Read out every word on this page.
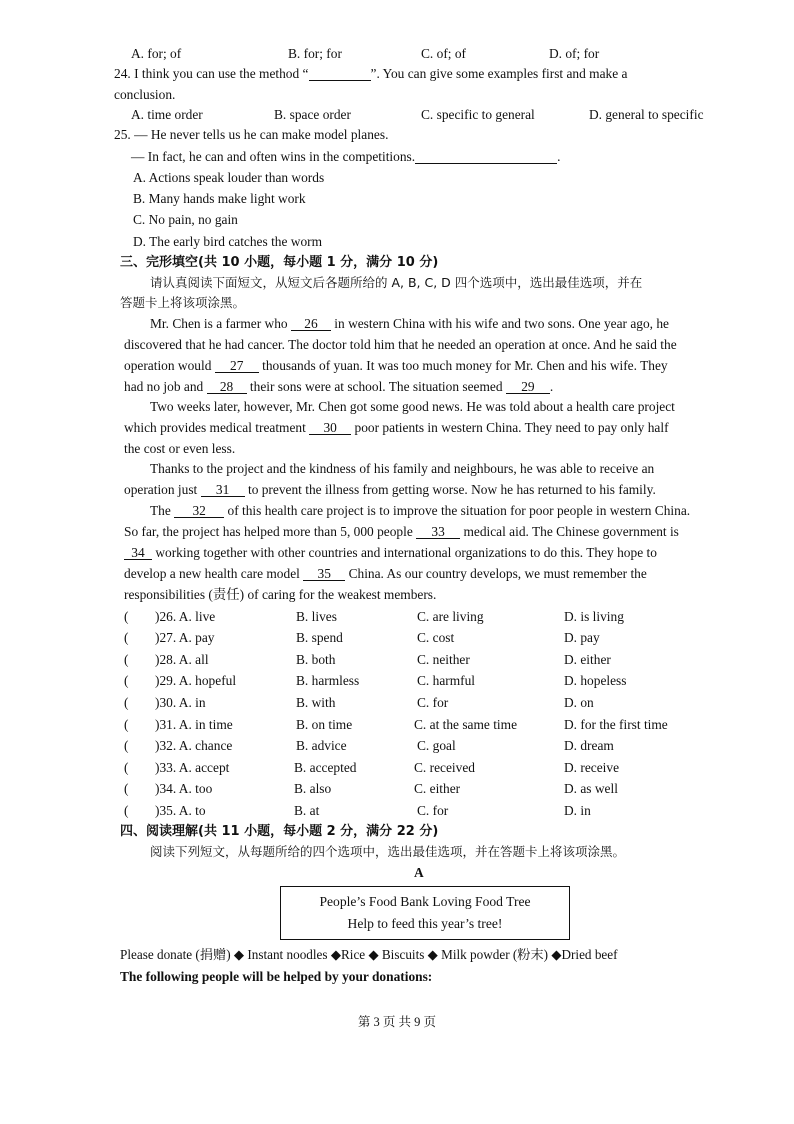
A. for; of	B. for; for	C. of; of	D. of; for
24. I think you can use the method “	”. You can give some examples first and make a
conclusion.
A. time order	B. space order	C. specific to general	D. general to specific
25. — He never tells us he can make model planes.
— In fact, he can and often wins in the competitions.	.
A. Actions speak louder than words
B. Many hands make light work
C. No pain, no gain
D. The early bird catches the worm
三、完形填空(共 10 小题，每小题 1 分，满分 10 分)
请认真阅读下面短文，从短文后各题所给的 A, B, C, D 四个选项中，选出最佳选项，并在
答题卡上将该项涂黑。
Mr. Chen is a farmer who 26 in western China with his wife and two sons. One year ago, he
discovered that he had cancer. The doctor told him that he needed an operation at once. And he said the
operation would 27 thousands of yuan. It was too much money for Mr. Chen and his wife. They
had no job and 28 their sons were at school. The situation seemed 29 .
Two weeks later, however, Mr. Chen got some good news. He was told about a health care project
which provides medical treatment 30 poor patients in western China. They need to pay only half
the cost or even less.
Thanks to the project and the kindness of his family and neighbours, he was able to receive an
operation just 31 to prevent the illness from getting worse. Now he has returned to his family.
The 32 of this health care project is to improve the situation for poor people in western China.
So far, the project has helped more than 5, 000 people 33 medical aid. The Chinese government is
34 working together with other countries and international organizations to do this. They hope to
develop a new health care model 35 China. As our country develops, we must remember the
responsibilities (责任) of caring for the weakest members.
( )26. A. live	B. lives	C. are living	D. is living
( )27. A. pay	B. spend	C. cost	D. pay
( )28. A. all	B. both	C. neither	D. either
( )29. A. hopeful	B. harmless	C. harmful	D. hopeless
( )30. A. in	B. with	C. for	D. on
( )31. A. in time	B. on time	C. at the same time	D. for the first time
( )32. A. chance	B. advice	C. goal	D. dream
( )33. A. accept	B. accepted	C. received	D. receive
( )34. A. too	B. also	C. either	D. as well
( )35. A. to	B. at	C. for	D. in
四、阅读理解(共 11 小题，每小题 2 分，满分 22 分)
阅读下列短文，从每题所给的四个选项中，选出最佳选项，并在答题卡上将该项涂黑。
A
People’s Food Bank Loving Food Tree
Help to feed this year’s tree!
Please donate (捐赠) ◆ Instant noodles ◆Rice ◆ Biscuits ◆ Milk powder (粉末) ◆Dried beef
The following people will be helped by your donations:
第 3 页 共 9 页
